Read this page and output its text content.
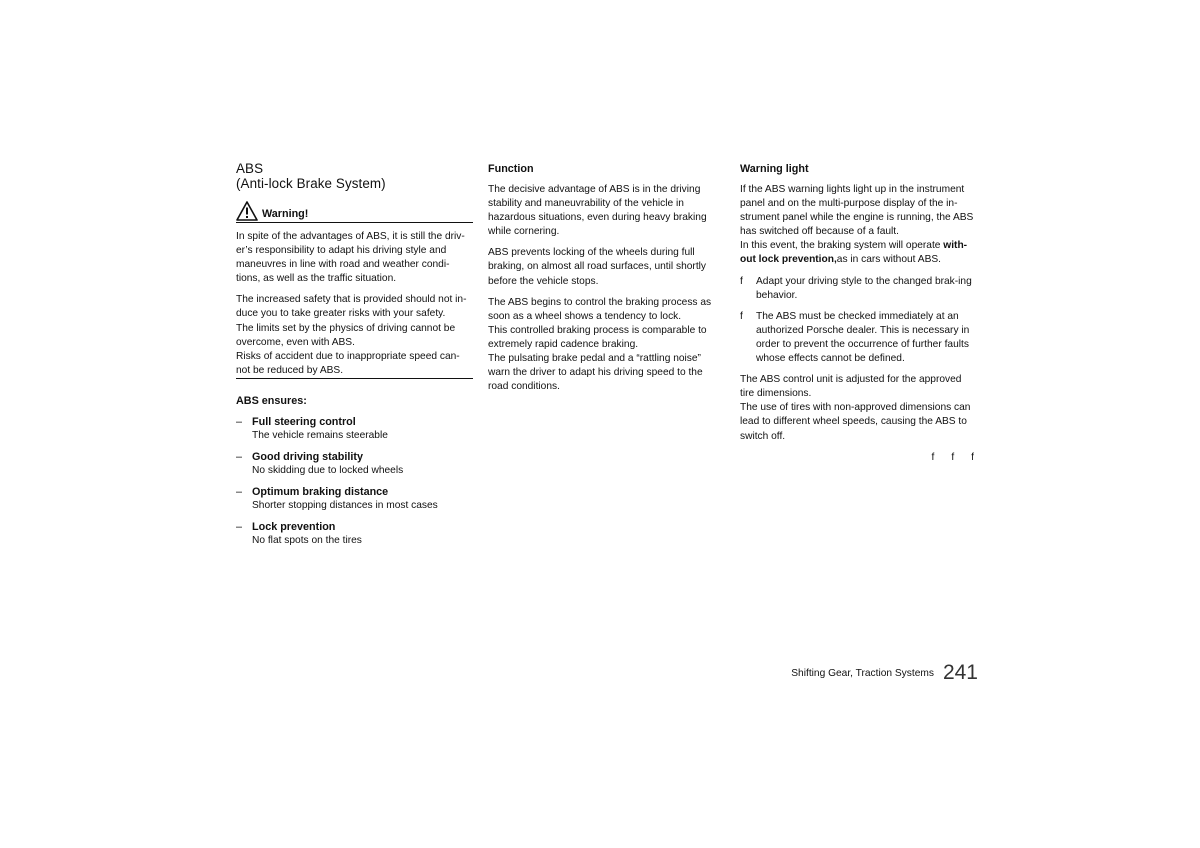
ABS
(Anti-lock Brake System)
Warning!

In spite of the advantages of ABS, it is still the driv-er’s responsibility to adapt his driving style and maneuvres in line with road and weather condi-tions, as well as the traffic situation.

The increased safety that is provided should not in-duce you to take greater risks with your safety.

The limits set by the physics of driving cannot be overcome, even with ABS.

Risks of accident due to inappropriate speed can-not be reduced by ABS.

ABS ensures:
– Full steering control

The vehicle remains steerable

– Good driving stability

No skidding due to locked wheels

– Optimum braking distance

Shorter stopping distances in most cases

– Lock prevention

No flat spots on the tires

Function

The decisive advantage of ABS is in the driving stability and maneuvrability of the vehicle in hazardous situations, even during heavy braking while cornering.

ABS prevents locking of the wheels during full braking, on almost all road surfaces, until shortly before the vehicle stops.

The ABS begins to control the braking process as soon as a wheel shows a tendency to lock.

This controlled braking process is comparable to extremely rapid cadence braking.

The pulsating brake pedal and a “rattling noise” warn the driver to adapt his driving speed to the road conditions.

Warning light

If the ABS warning lights light up in the instrument panel and on the multi-purpose display of the in-strument panel while the engine is running, the ABS has switched off because of a fault.

In this event, the braking system will operate with-out lock prevention,as in cars without ABS.

f	Adapt your driving style to the changed brak-ing behavior.

f	The ABS must be checked immediately at an authorized Porsche dealer. This is necessary in order to prevent the occurrence of further faults whose effects cannot be defined.

The ABS control unit is adjusted for the approved tire dimensions.

The use of tires with non-approved dimensions can lead to different wheel speeds, causing the ABS to switch off.

f f f
Shifting Gear, Traction Systems 241
